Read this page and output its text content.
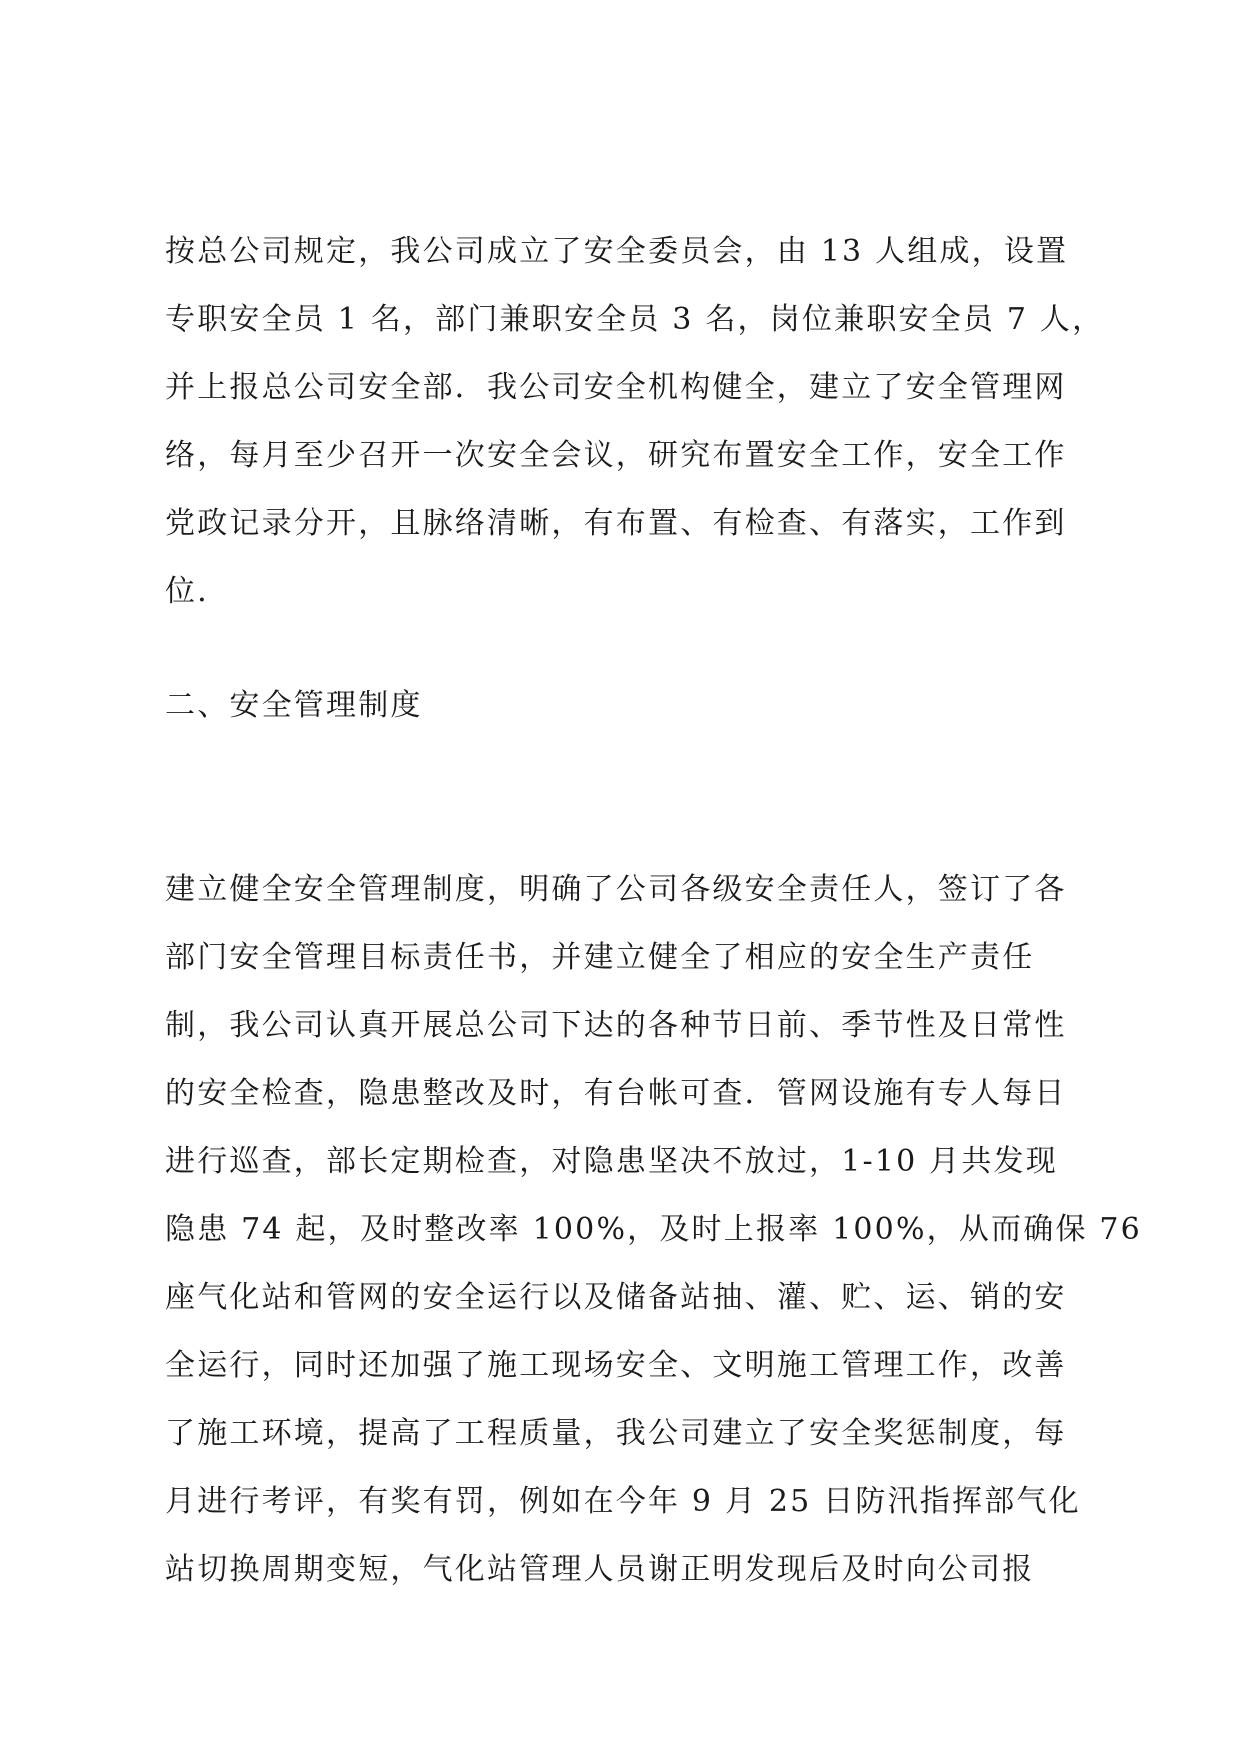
按总公司规定，我公司成立了安全委员会，由 13 人组成，设置
专职安全员 1 名，部门兼职安全员 3 名，岗位兼职安全员 7 人，
并上报总公司安全部．我公司安全机构健全，建立了安全管理网
络，每月至少召开一次安全会议，研究布置安全工作，安全工作
党政记录分开，且脉络清晰，有布置、有检查、有落实，工作到
位．
二、安全管理制度
建立健全安全管理制度，明确了公司各级安全责任人，签订了各
部门安全管理目标责任书，并建立健全了相应的安全生产责任
制，我公司认真开展总公司下达的各种节日前、季节性及日常性
的安全检查，隐患整改及时，有台帐可查．管网设施有专人每日
进行巡查，部长定期检查，对隐患坚决不放过，1-10 月共发现
隐患 74 起，及时整改率 100%，及时上报率 100%，从而确保 76
座气化站和管网的安全运行以及储备站抽、灌、贮、运、销的安
全运行，同时还加强了施工现场安全、文明施工管理工作，改善
了施工环境，提高了工程质量，我公司建立了安全奖惩制度，每
月进行考评，有奖有罚，例如在今年 9 月 25 日防汛指挥部气化
站切换周期变短，气化站管理人员谢正明发现后及时向公司报
